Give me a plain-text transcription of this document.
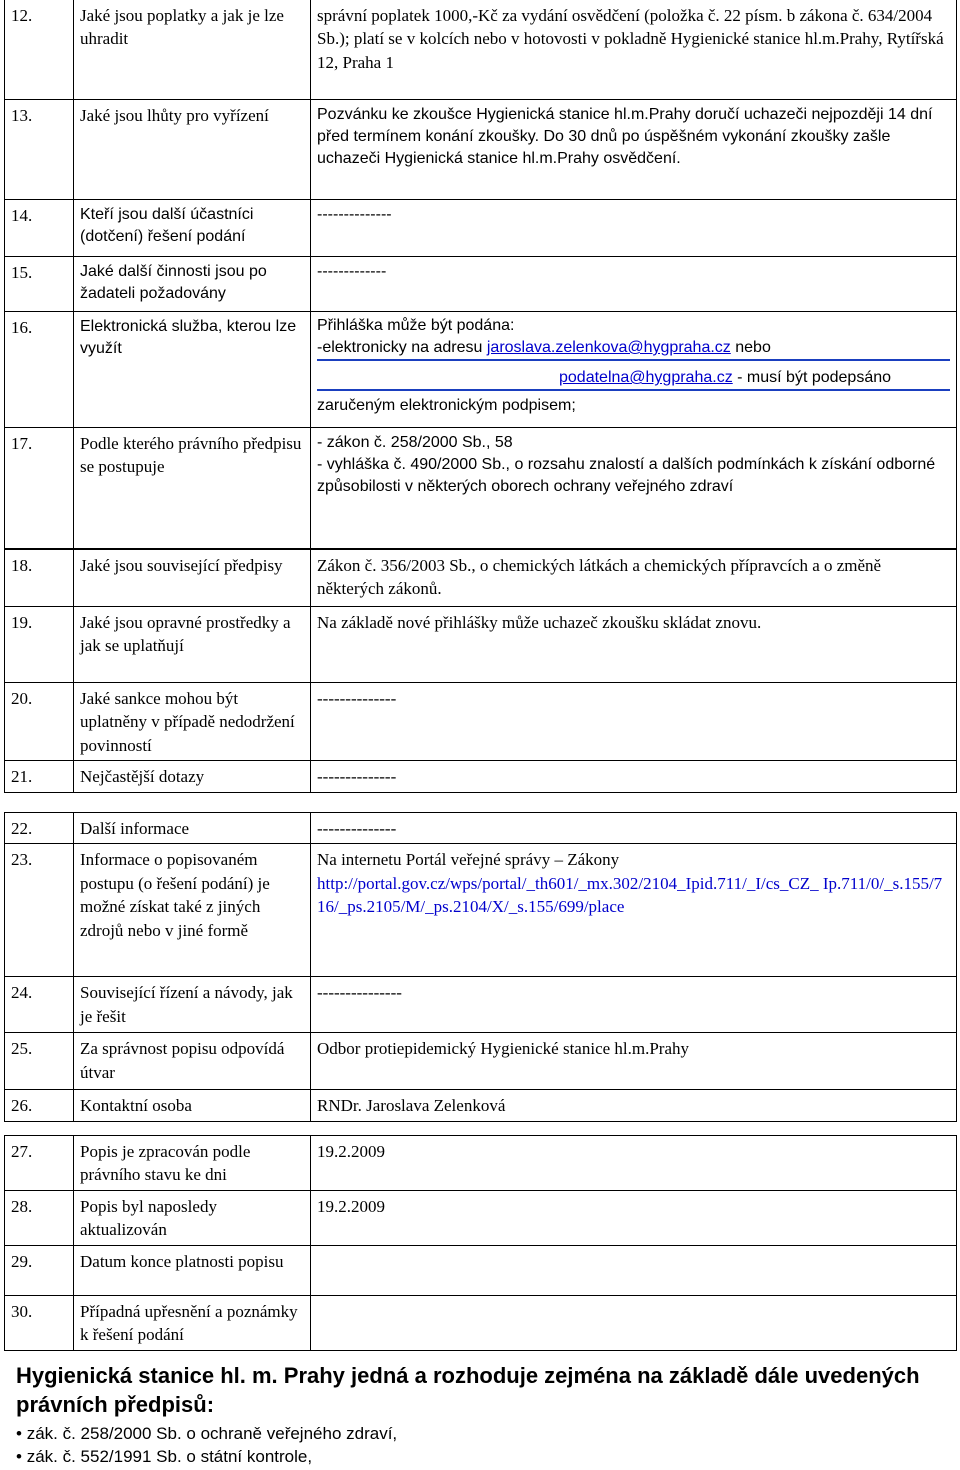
12.	Jaké jsou poplatky a jak je lze uhradit	správní poplatek 1000,-Kč za vydání osvědčení (položka č. 22 písm. b zákona č. 634/2004 Sb.); platí se v kolcích nebo v hotovosti v pokladně Hygienické stanice hl.m.Prahy, Rytířská 12, Praha 1
13.	Jaké jsou lhůty pro vyřízení	Pozvánku ke zkoušce Hygienická stanice hl.m.Prahy doručí uchazeči nejpozději 14 dní před termínem konání zkoušky. Do 30 dnů po úspěšném vykonání zkoušky zašle uchazeči Hygienická stanice hl.m.Prahy osvědčení.
14.	Kteří jsou další účastníci (dotčení) řešení podání	--------------
15.	Jaké další činnosti jsou po žadateli požadovány	-------------
16.	Elektronická služba, kterou lze využít	Přihláška může být podána:
-elektronicky na adresu jaroslava.zelenkova@hygpraha.cz nebo
podatelna@hygpraha.cz - musí být podepsáno
zaručeným elektronickým podpisem;

17.	Podle kterého právního předpisu se postupuje	- zákon č. 258/2000 Sb., 58
- vyhláška č. 490/2000 Sb., o rozsahu znalostí a dalších podmínkách k získání odborné způsobilosti v některých oborech ochrany veřejného zdraví
18.	Jaké jsou související předpisy	Zákon č. 356/2003 Sb., o chemických látkách a chemických přípravcích a o změně některých zákonů.
19.	Jaké jsou opravné prostředky a jak se uplatňují	Na základě nové přihlášky může uchazeč zkoušku skládat znovu.
20.	Jaké sankce mohou být uplatněny v případě nedodržení povinností	--------------
21.	Nejčastější dotazy	--------------
22.	Další informace	--------------
23.	Informace o popisovaném postupu (o řešení podání) je možné získat také z jiných zdrojů nebo v jiné formě	Na internetu Portál veřejné správy – Zákony
http://portal.gov.cz/wps/portal/_th601/_mx.302/2104_Ipid.711/_I/cs_CZ_ Ip.711/0/_s.155/716/_ps.2105/M/_ps.2104/X/_s.155/699/place
24.	Související řízení a návody, jak je řešit	---------------
25.	Za správnost popisu odpovídá útvar	Odbor protiepidemický Hygienické stanice hl.m.Prahy
26.	Kontaktní osoba	RNDr. Jaroslava Zelenková
27.	Popis je zpracován podle právního stavu ke dni	19.2.2009
28.	Popis byl naposledy aktualizován	19.2.2009
29.	Datum konce platnosti popisu	
30.	Případná upřesnění a poznámky k řešení podání	

Hygienická stanice hl. m. Prahy jedná a rozhoduje zejména na základě dále uvedených právních předpisů:

• zák. č. 258/2000 Sb. o ochraně veřejného zdraví,
• zák. č. 552/1991 Sb. o státní kontrole,
